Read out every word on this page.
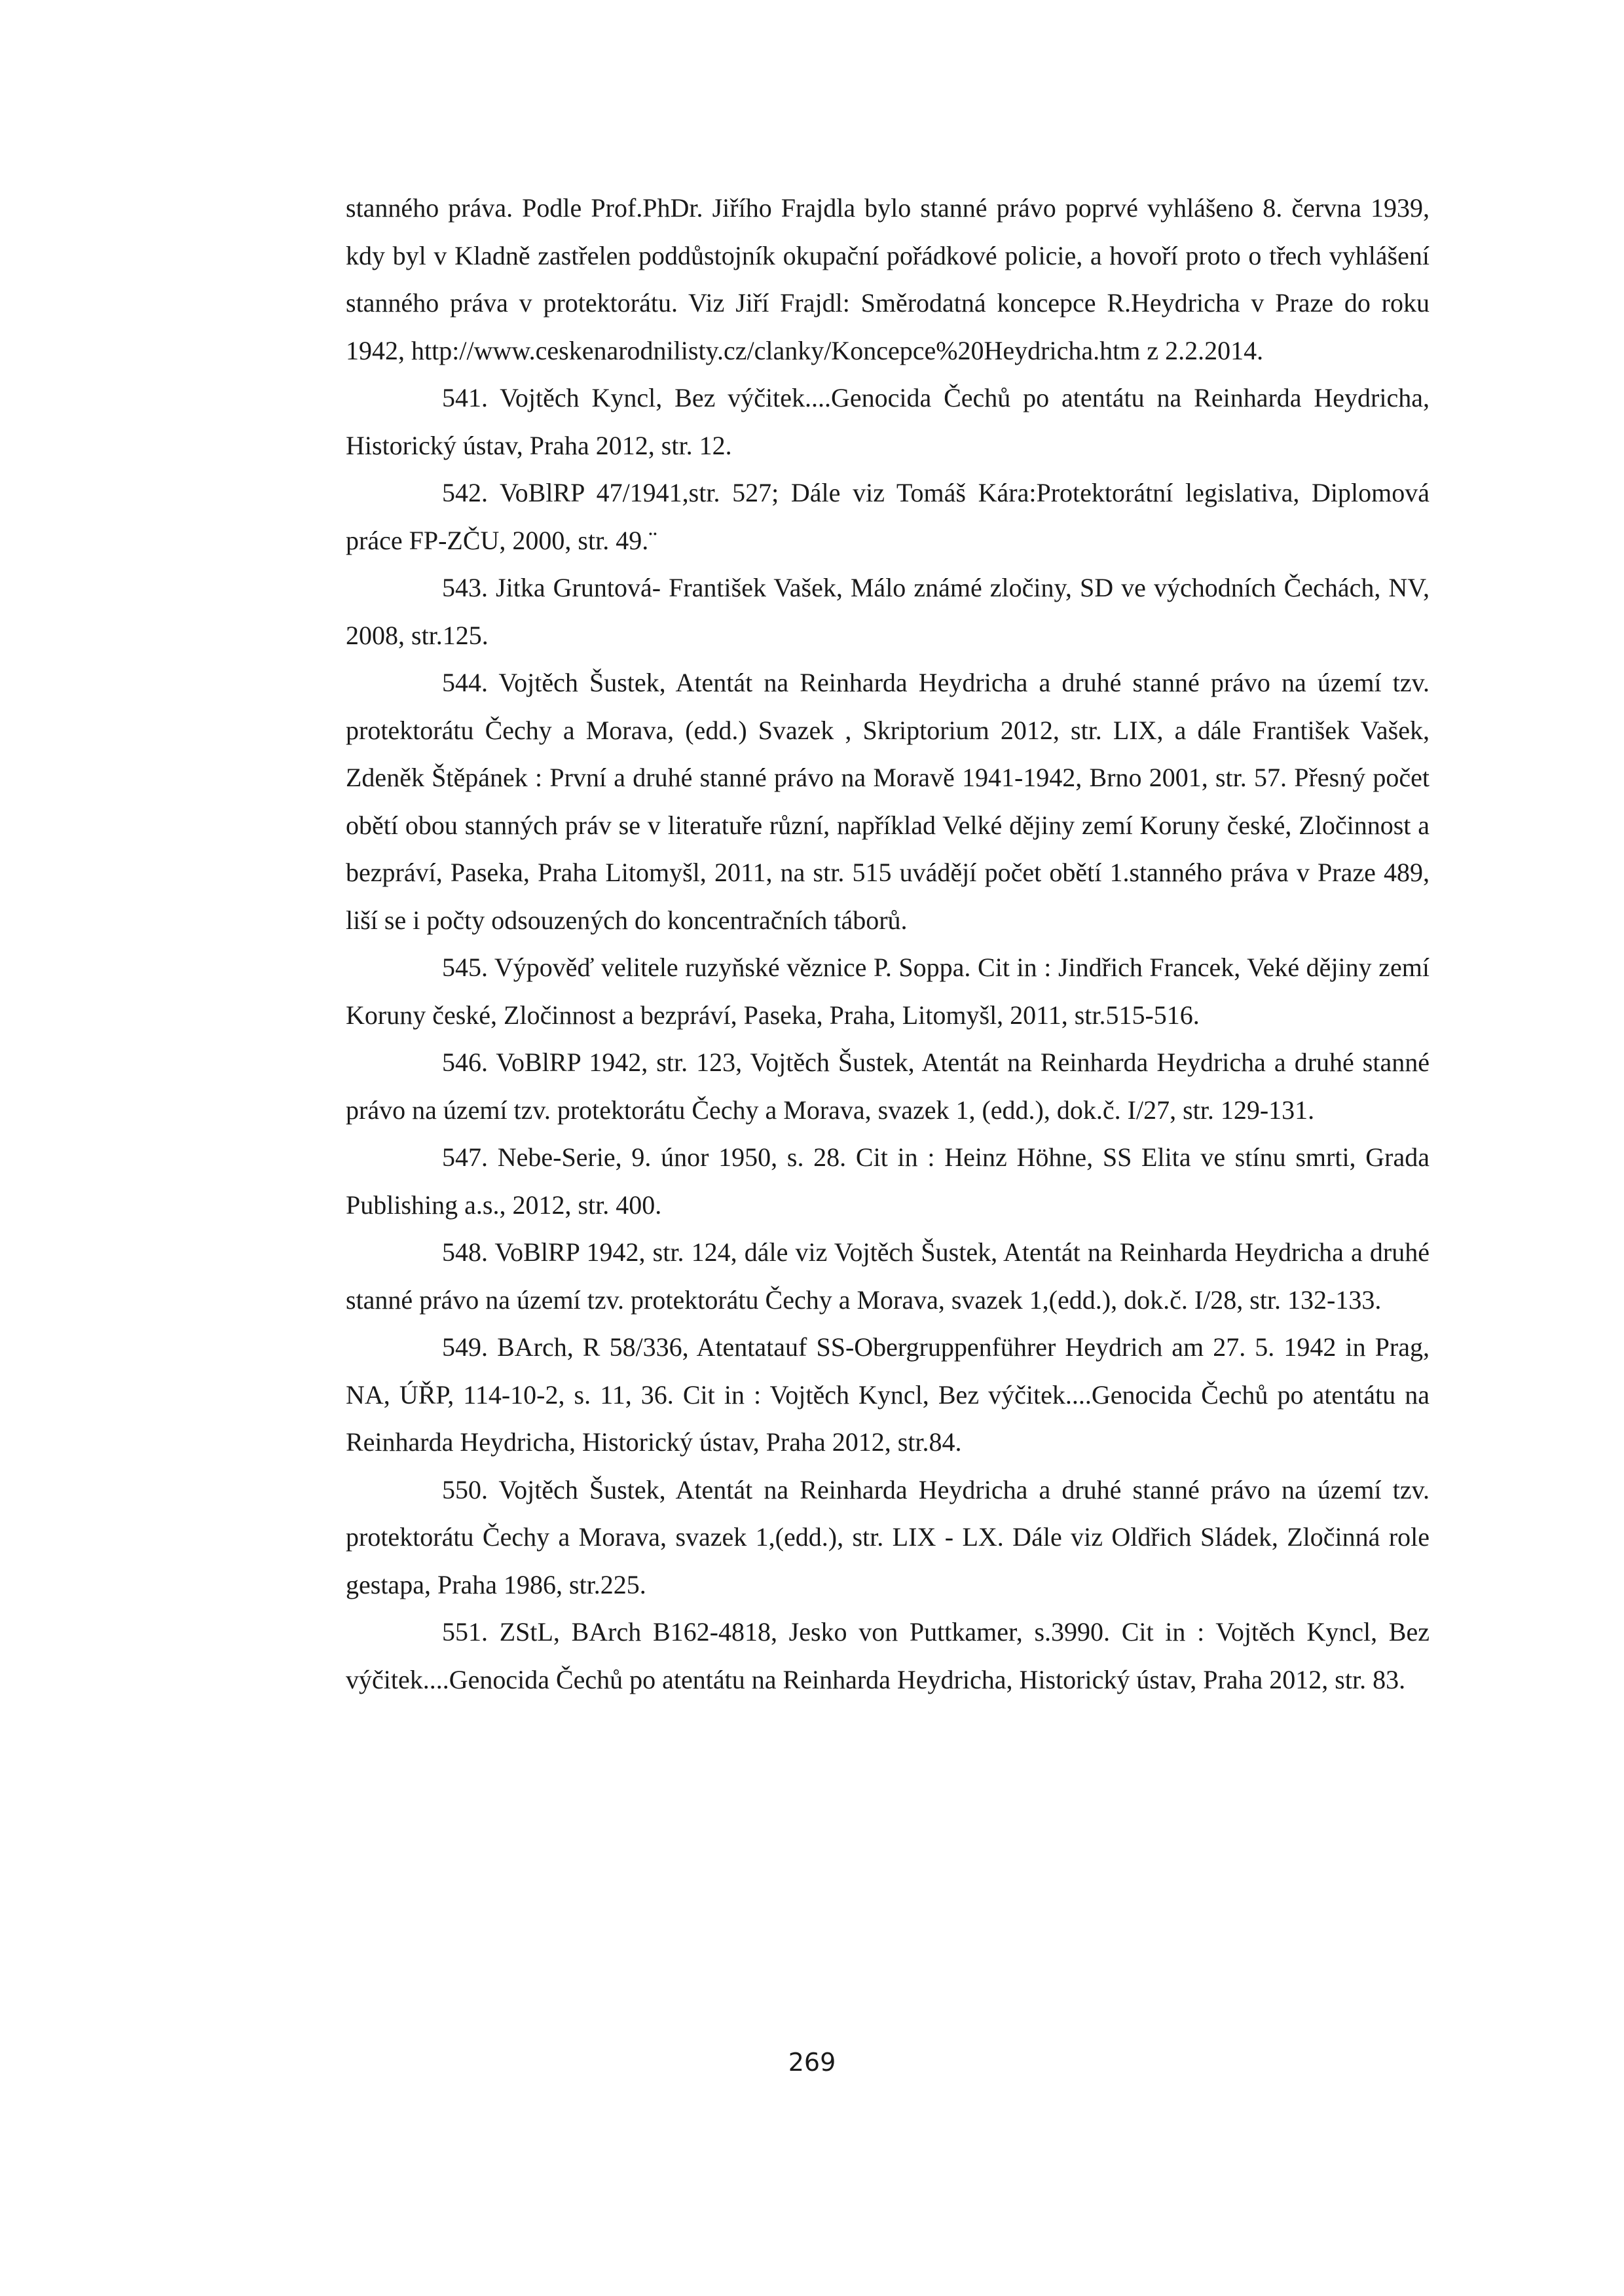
stanného práva. Podle Prof.PhDr. Jiřího Frajdla bylo stanné právo poprvé vyhlášeno 8. června 1939, kdy byl v Kladně zastřelen poddůstojník okupační pořádkové policie, a hovoří proto o třech vyhlášení stanného práva v protektorátu. Viz Jiří Frajdl: Směrodatná koncepce R.Heydricha v Praze do roku 1942, http://www.ceskenarodnilisty.cz/clanky/Koncepce%20Heydricha.htm z 2.2.2014.

541. Vojtěch Kyncl, Bez výčitek....Genocida Čechů po atentátu na Reinharda Heydricha, Historický ústav, Praha 2012, str. 12.

542. VoBlRP 47/1941,str. 527; Dále viz Tomáš Kára:Protektorátní legislativa, Diplomová práce FP-ZČU, 2000, str. 49.¨

543. Jitka Gruntová- František Vašek, Málo známé zločiny, SD ve východních Čechách, NV, 2008, str.125.

544. Vojtěch Šustek, Atentát na Reinharda Heydricha a druhé stanné právo na území tzv. protektorátu Čechy a Morava, (edd.) Svazek , Skriptorium 2012, str. LIX, a dále František Vašek, Zdeněk Štěpánek : První a druhé stanné právo na Moravě 1941-1942, Brno 2001, str. 57. Přesný počet obětí obou stanných práv se v literatuře různí, například Velké dějiny zemí Koruny české, Zločinnost a bezpráví, Paseka, Praha Litomyšl, 2011, na str. 515 uvádějí počet obětí 1.stanného práva v Praze 489, liší se i počty odsouzených do koncentračních táborů.

545. Výpověď velitele ruzyňské věznice P. Soppa. Cit in : Jindřich Francek, Veké dějiny zemí Koruny české, Zločinnost a bezpráví, Paseka, Praha, Litomyšl, 2011, str.515-516.

546. VoBlRP 1942, str. 123, Vojtěch Šustek, Atentát na Reinharda Heydricha a druhé stanné právo na území tzv. protektorátu Čechy a Morava, svazek 1, (edd.), dok.č. I/27, str. 129-131.

547. Nebe-Serie, 9. únor 1950, s. 28. Cit in : Heinz Höhne, SS Elita ve stínu smrti, Grada Publishing a.s., 2012, str. 400.

548. VoBlRP 1942, str. 124, dále viz Vojtěch Šustek, Atentát na Reinharda Heydricha a druhé stanné právo na území tzv. protektorátu Čechy a Morava, svazek 1,(edd.), dok.č. I/28, str. 132-133.

549. BArch, R 58/336, Atentatauf SS-Obergruppenführer Heydrich am 27. 5. 1942 in Prag, NA, ÚŘP, 114-10-2, s. 11, 36. Cit in : Vojtěch Kyncl, Bez výčitek....Genocida Čechů po atentátu na Reinharda Heydricha, Historický ústav, Praha 2012, str.84.

550. Vojtěch Šustek, Atentát na Reinharda Heydricha a druhé stanné právo na území tzv. protektorátu Čechy a Morava, svazek 1,(edd.), str. LIX - LX. Dále viz Oldřich Sládek, Zločinná role gestapa, Praha 1986, str.225.

551. ZStL, BArch B162-4818, Jesko von Puttkamer, s.3990. Cit in : Vojtěch Kyncl, Bez výčitek....Genocida Čechů po atentátu na Reinharda Heydricha, Historický ústav, Praha 2012, str. 83.

269
